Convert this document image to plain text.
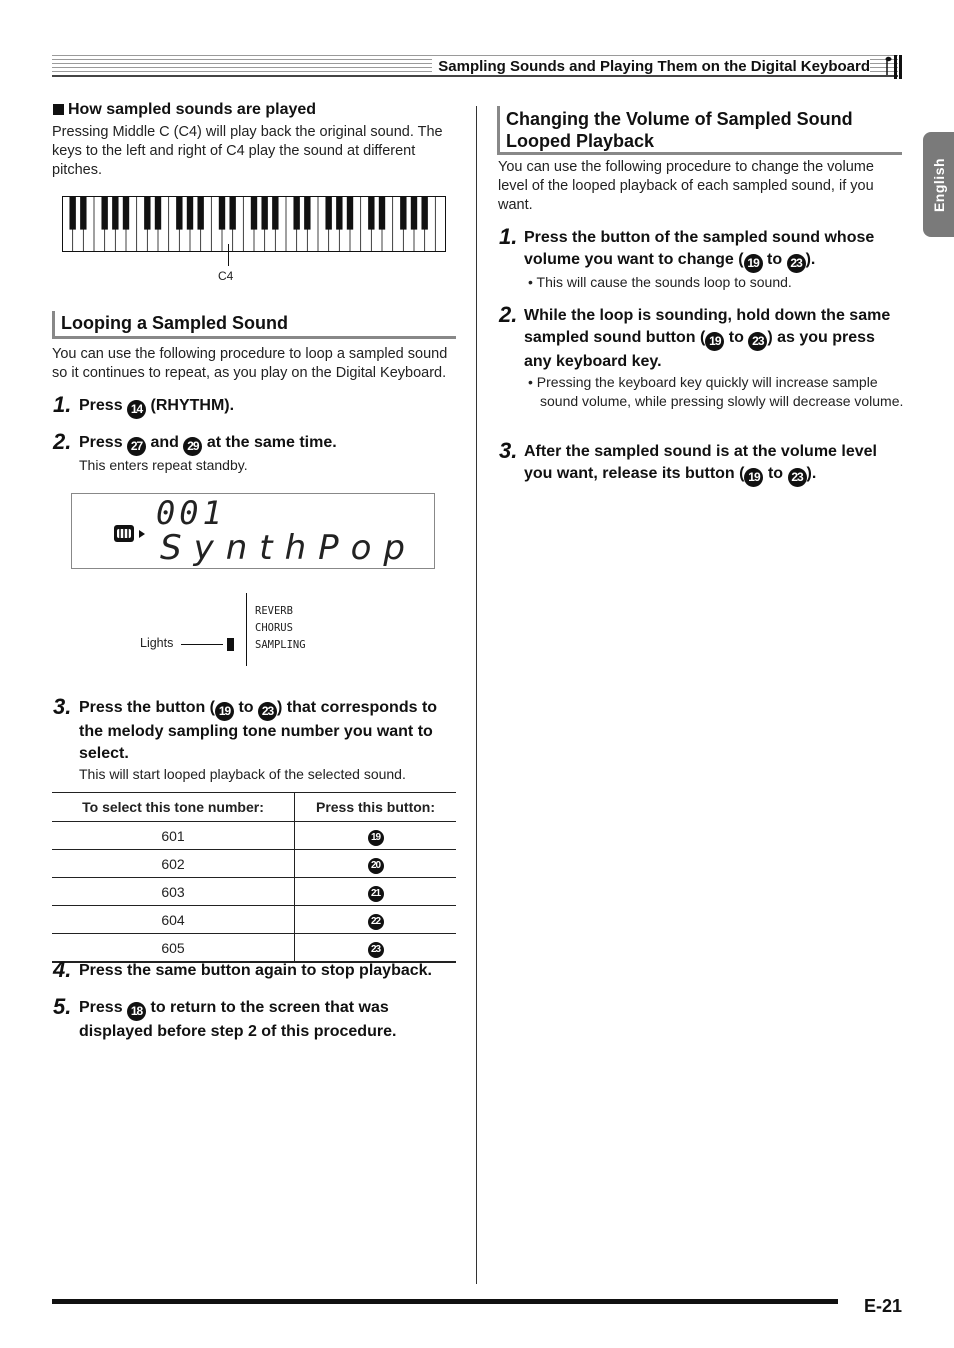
Sampling Sounds and Playing Them on the Digital Keyboard
English
How sampled sounds are played
Pressing Middle C (C4) will play back the original sound. The keys to the left and right of C4 play the sound at different pitches.
C4
Looping a Sampled Sound
You can use the following procedure to loop a sampled sound so it continues to repeat, as you play on the Digital Keyboard.
1. Press 14 (RHYTHM).
2. Press 27 and 29 at the same time.
This enters repeat standby.
001
SynthPop
Lights
REVERB
CHORUS
SAMPLING
3. Press the button ( 19 to 23 ) that corresponds to the melody sampling tone number you want to select.
This will start looped playback of the selected sound.
To select this tone number:	Press this button:
601	19
602	20
603	21
604	22
605	23
4. Press the same button again to stop playback.
5. Press 18 to return to the screen that was displayed before step 2 of this procedure.
Changing the Volume of Sampled Sound Looped Playback
You can use the following procedure to change the volume level of the looped playback of each sampled sound, if you want.
1. Press the button of the sampled sound whose volume you want to change ( 19 to 23 ).
• This will cause the sounds loop to sound.
2. While the loop is sounding, hold down the same sampled sound button ( 19 to 23 ) as you press any keyboard key.
• Pressing the keyboard key quickly will increase sample sound volume, while pressing slowly will decrease volume.
3. After the sampled sound is at the volume level you want, release its button ( 19 to 23 ).
E-21
